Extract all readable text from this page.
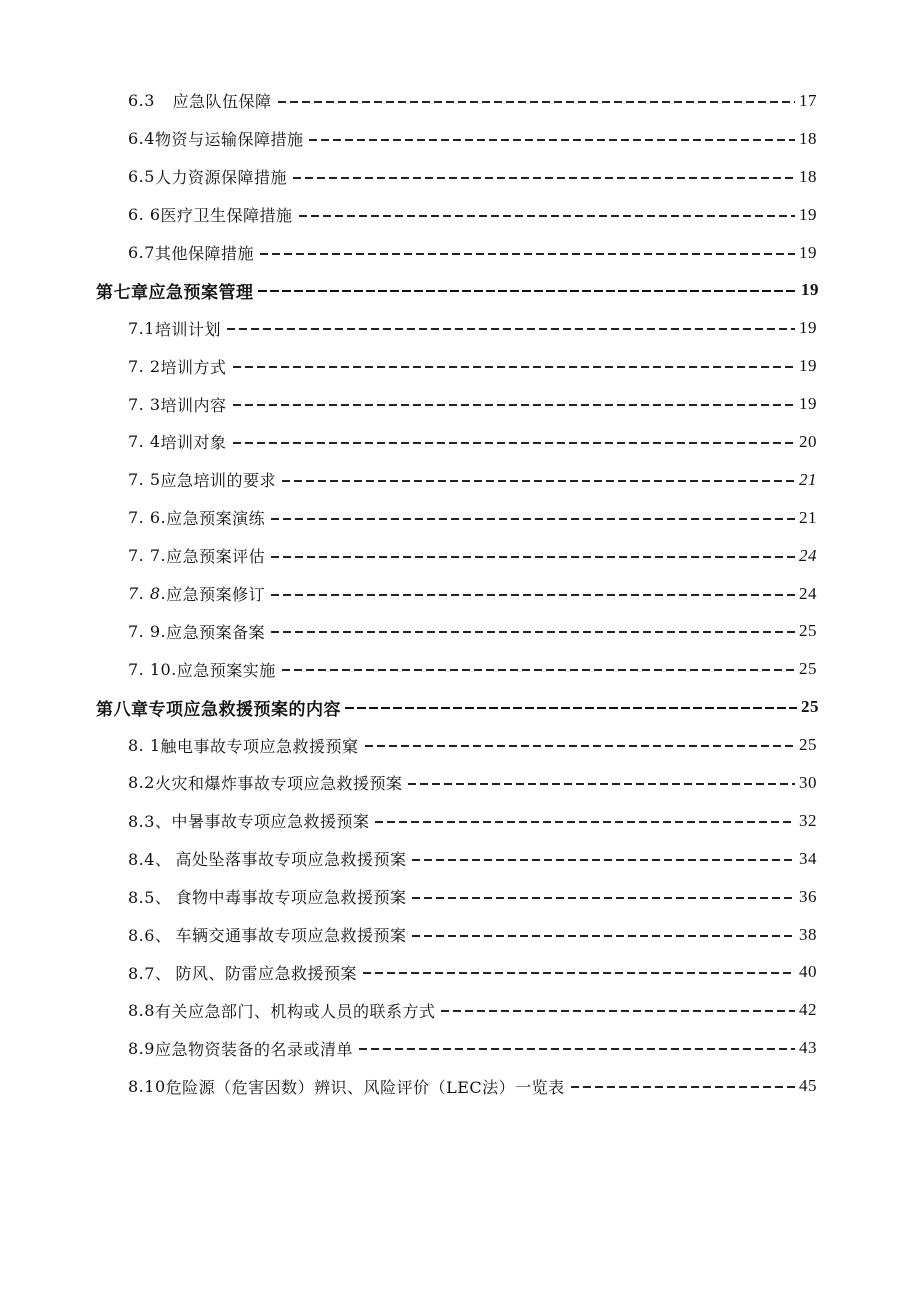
6.3 应急队伍保障	17
6.4 物资与运输保障措施	18
6.5 人力资源保障措施	18
6. 6 医疗卫生保障措施	19
6.7 其他保障措施	19
第七章应急预案管理	19
7.1 培训计划	19
7. 2 培训方式	19
7. 3 培训内容	19
7. 4 培训对象	20
7. 5 应急培训的要求	21
7. 6. 应急预案演练	21
7. 7. 应急预案评估	24
7. 8. 应急预案修订	24
7. 9. 应急预案备案	25
7. 10. 应急预案实施	25
第八章专项应急救援预案的内容	25
8. 1 触电事故专项应急救援预窠	25
8.2 火灾和爆炸事故专项应急救援预案	30
8.3、 中暑事故专项应急救援预案	32
8.4、 高处坠落事故专项应急救援预案	34
8.5、 食物中毒事故专项应急救援预案	36
8.6、 车辆交通事故专项应急救援预案	38
8.7、 防风、防雷应急救援预案	40
8.8 有关应急部门、机构或人员的联系方式	42
8.9 应急物资装备的名录或清单	43
8.10 危险源（危害因数）辨识、风险评价（LEC法）一览表	45
